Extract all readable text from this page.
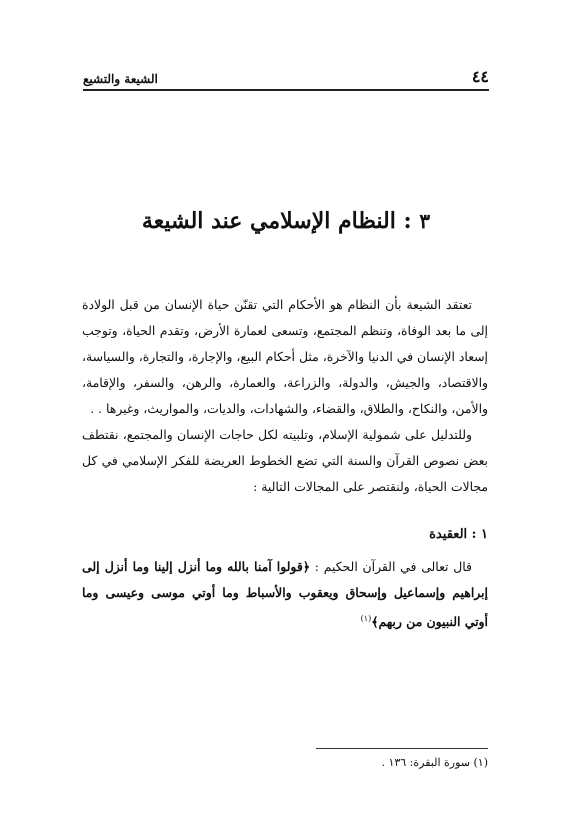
الشيعة والتشيع	٤٤
٣ : النظام الإسلامي عند الشيعة

تعتقد الشيعة بأن النظام هو الأحكام التي تقنّن حياة الإنسان من قبل الولادة إلى ما بعد الوفاة، وتنظم المجتمع، وتسعى لعمارة الأرض، وتقدم الحياة، وتوجب إسعاد الإنسان في الدنيا والآخرة، مثل أحكام البيع، والإجارة، والتجارة، والسياسة، والاقتصاد، والجيش، والدولة، والزراعة، والعمارة، والرهن، والسفر، والإقامة، والأمن، والنكاح، والطلاق، والقضاء، والشهادات، والديات، والمواريث، وغيرها . .

وللتدليل على شمولية الإسلام، وتلبيته لكل حاجات الإنسان والمجتمع، نقتطف بعض نصوص القرآن والسنة التي تضع الخطوط العريضة للفكر الإسلامي في كل مجالات الحياة، ولنقتصر على المجالات التالية :

١ : العقيدة

قال تعالى في القرآن الحكيم : ﴿قولوا آمنا بالله وما أنزل إلينا وما أنزل إلى إبراهيم وإسماعيل وإسحاق ويعقوب والأسباط وما أوتي موسى وعيسى وما أوتي النبيون من ربهم﴾$^{(١)}$

(١) سورة البقرة: ١٣٦ .
